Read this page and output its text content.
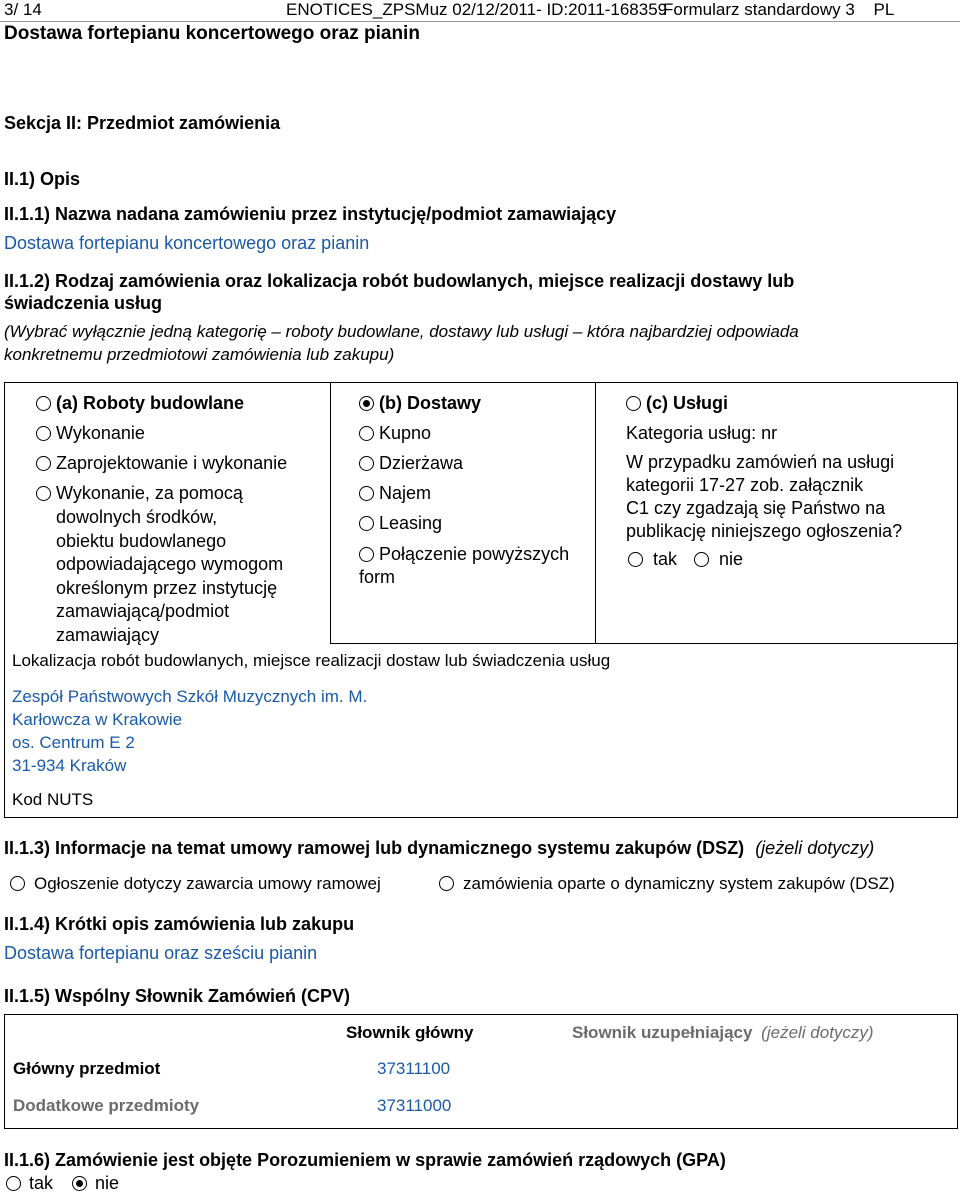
3/ 14	ENOTICES_ZPSMuz 02/12/2011- ID:2011-168359
Formularz standardowy 3 PL
Dostawa fortepianu koncertowego oraz pianin
Sekcja II: Przedmiot zamówienia
II.1) Opis
II.1.1) Nazwa nadana zamówieniu przez instytucję/podmiot zamawiający
Dostawa fortepianu koncertowego oraz pianin
II.1.2) Rodzaj zamówienia oraz lokalizacja robót budowlanych, miejsce realizacji dostawy lub
świadczenia usług
(Wybrać wyłącznie jedną kategorię – roboty budowlane, dostawy lub usługi – która najbardziej odpowiada
konkretnemu przedmiotowi zamówienia lub zakupu)
(a) Roboty budowlane
Wykonanie
Zaprojektowanie i wykonanie
Wykonanie, za pomocą
dowolnych środków,
obiektu budowlanego
odpowiadającego wymogom
określonym przez instytucję
zamawiającą/podmiot
zamawiający
(b) Dostawy
Kupno
Dzierżawa
Najem
Leasing
Połączenie powyższych
form
(c) Usługi
Kategoria usług: nr
W przypadku zamówień na usługi
kategorii 17-27 zob. załącznik
C1 czy zgadzają się Państwo na
publikację niniejszego ogłoszenia?
tak nie
Lokalizacja robót budowlanych, miejsce realizacji dostaw lub świadczenia usług
Zespół Państwowych Szkół Muzycznych im. M.
Karłowcza w Krakowie
os. Centrum E 2
31-934 Kraków
Kod NUTS
II.1.3) Informacje na temat umowy ramowej lub dynamicznego systemu zakupów (DSZ) (jeżeli dotyczy)
Ogłoszenie dotyczy zawarcia umowy ramowej	zamówienia oparte o dynamiczny system zakupów (DSZ)
II.1.4) Krótki opis zamówienia lub zakupu
Dostawa fortepianu oraz sześciu pianin
II.1.5) Wspólny Słownik Zamówień (CPV)
Słownik główny	Słownik uzupełniający (jeżeli dotyczy)
Główny przedmiot	37311100
Dodatkowe przedmioty	37311000
II.1.6) Zamówienie jest objęte Porozumieniem w sprawie zamówień rządowych (GPA)
tak nie
